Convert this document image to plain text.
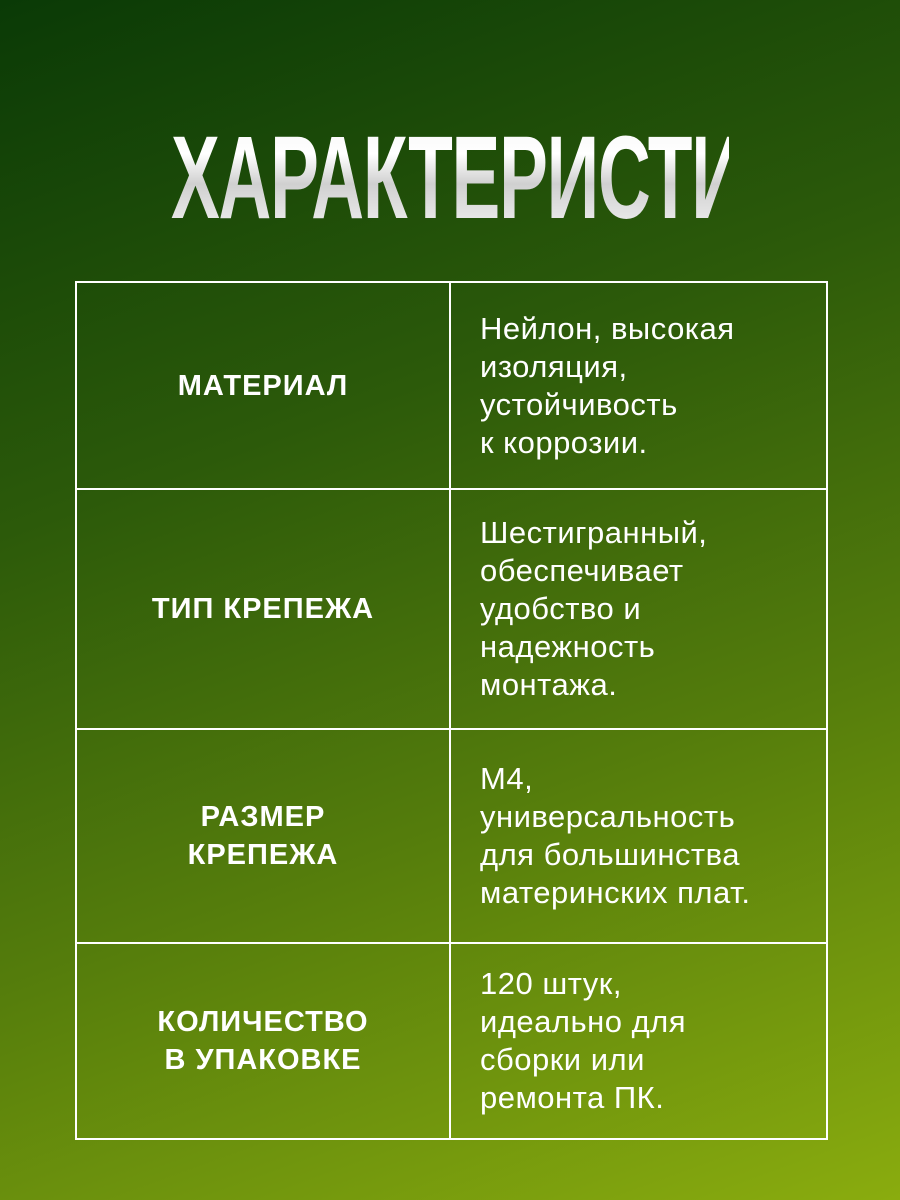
ХАРАКТЕРИСТИКИ
МАТЕРИАЛ	Нейлон, высокая
изоляция,
устойчивость
к коррозии.

ТИП КРЕПЕЖА	Шестигранный,
обеспечивает
удобство и
надежность
монтажа.

РАЗМЕР
КРЕПЕЖА	М4,
универсальность
для большинства
материнских плат.

КОЛИЧЕСТВО
В УПАКОВКЕ	120 штук,
идеально для
сборки или
ремонта ПК.
